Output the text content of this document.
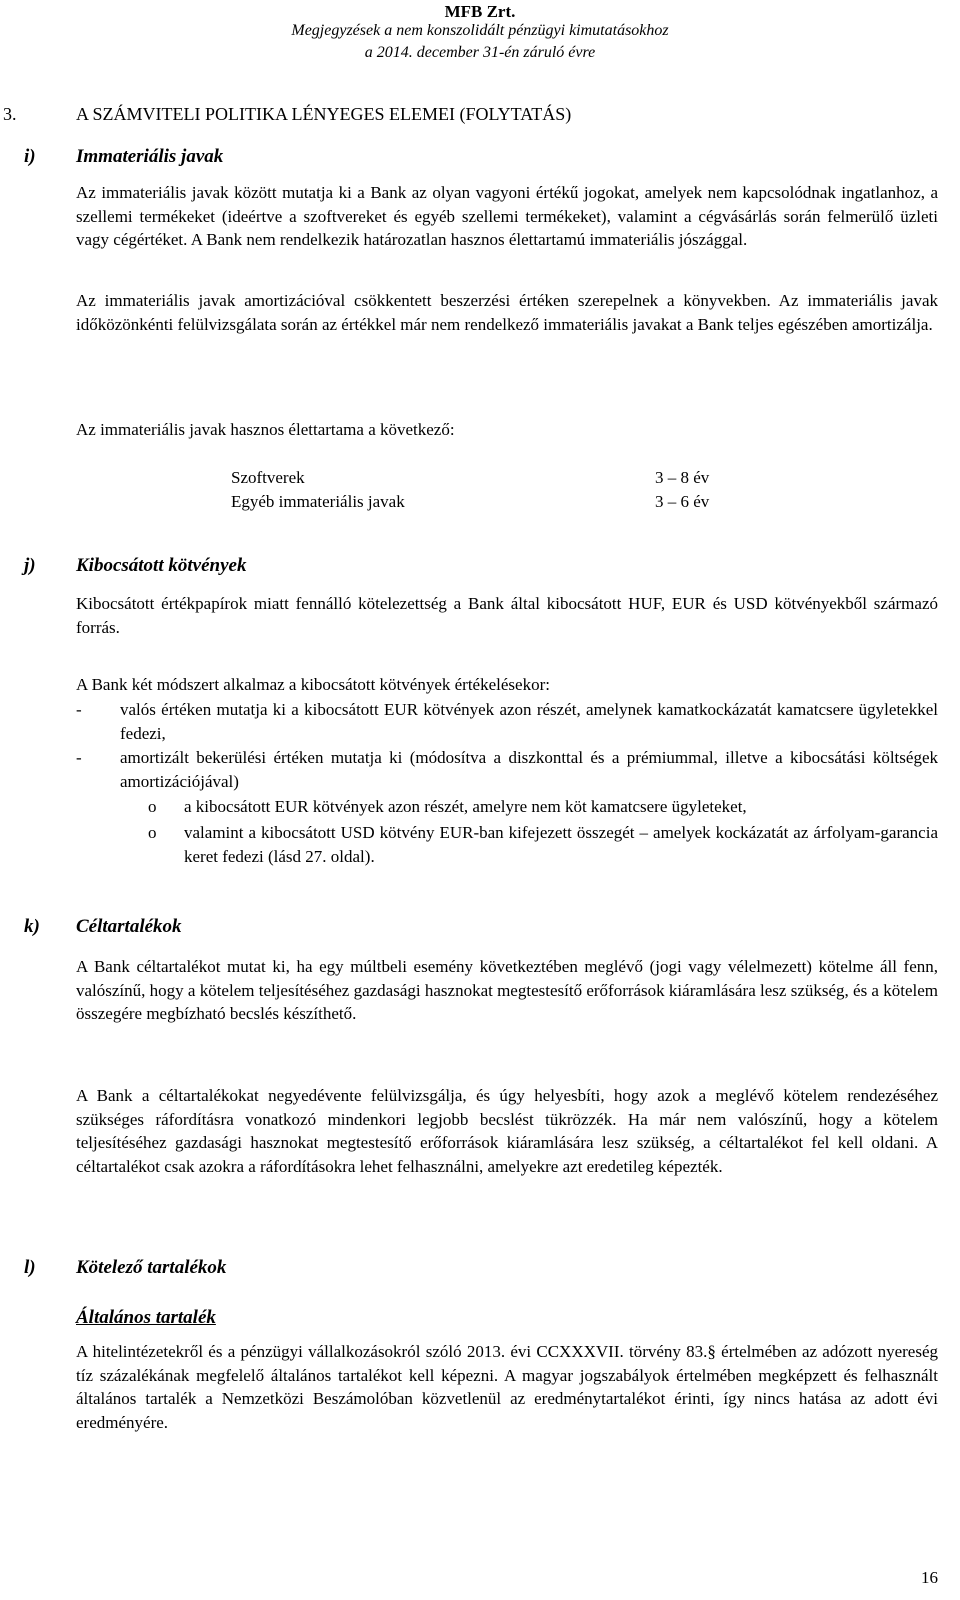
MFB Zrt.
Megjegyzések a nem konszolidált pénzügyi kimutatásokhoz
a 2014. december 31-én záruló évre
3.	A SZÁMVITELI POLITIKA LÉNYEGES ELEMEI (FOLYTATÁS)
i) Immateriális javak

Az immateriális javak között mutatja ki a Bank az olyan vagyoni értékű jogokat, amelyek nem kapcsolódnak ingatlanhoz, a szellemi termékeket (ideértve a szoftvereket és egyéb szellemi termékeket), valamint a cégvásárlás során felmerülő üzleti vagy cégértéket. A Bank nem rendelkezik határozatlan hasznos élettartamú immateriális jószággal.

Az immateriális javak amortizációval csökkentett beszerzési értéken szerepelnek a könyvekben. Az immateriális javak időközönkénti felülvizsgálata során az értékkel már nem rendelkező immateriális javakat a Bank teljes egészében amortizálja.

Az immateriális javak hasznos élettartama a következő:

Szoftverek	3 – 8 év
Egyéb immateriális javak	3 – 6 év
j) Kibocsátott kötvények

Kibocsátott értékpapírok miatt fennálló kötelezettség a Bank által kibocsátott HUF, EUR és USD kötvényekből származó forrás.

A Bank két módszert alkalmaz a kibocsátott kötvények értékelésekor:

- valós értéken mutatja ki a kibocsátott EUR kötvények azon részét, amelynek kamatkockázatát kamatcsere ügyletekkel fedezi,
- amortizált bekerülési értéken mutatja ki (módosítva a diszkonttal és a prémiummal, illetve a kibocsátási költségek amortizációjával)
o a kibocsátott EUR kötvények azon részét, amelyre nem köt kamatcsere ügyleteket,
o valamint a kibocsátott USD kötvény EUR-ban kifejezett összegét – amelyek kockázatát az árfolyam-garancia keret fedezi (lásd 27. oldal).
k) Céltartalékok

A Bank céltartalékot mutat ki, ha egy múltbeli esemény következtében meglévő (jogi vagy vélelmezett) kötelme áll fenn, valószínű, hogy a kötelem teljesítéséhez gazdasági hasznokat megtestesítő erőforrások kiáramlására lesz szükség, és a kötelem összegére megbízható becslés készíthető.

A Bank a céltartalékokat negyedévente felülvizsgálja, és úgy helyesbíti, hogy azok a meglévő kötelem rendezéséhez szükséges ráfordításra vonatkozó mindenkori legjobb becslést tükrözzék. Ha már nem valószínű, hogy a kötelem teljesítéséhez gazdasági hasznokat megtestesítő erőforrások kiáramlására lesz szükség, a céltartalékot fel kell oldani. A céltartalékot csak azokra a ráfordításokra lehet felhasználni, amelyekre azt eredetileg képezték.

l) Kötelező tartalékok
Általános tartalék

A hitelintézetekről és a pénzügyi vállalkozásokról szóló 2013. évi CCXXXVII. törvény 83.§ értelmében az adózott nyereség tíz százalékának megfelelő általános tartalékot kell képezni. A magyar jogszabályok értelmében megképzett és felhasznált általános tartalék a Nemzetközi Beszámolóban közvetlenül az eredménytartalékot érinti, így nincs hatása az adott évi eredményére.

16
